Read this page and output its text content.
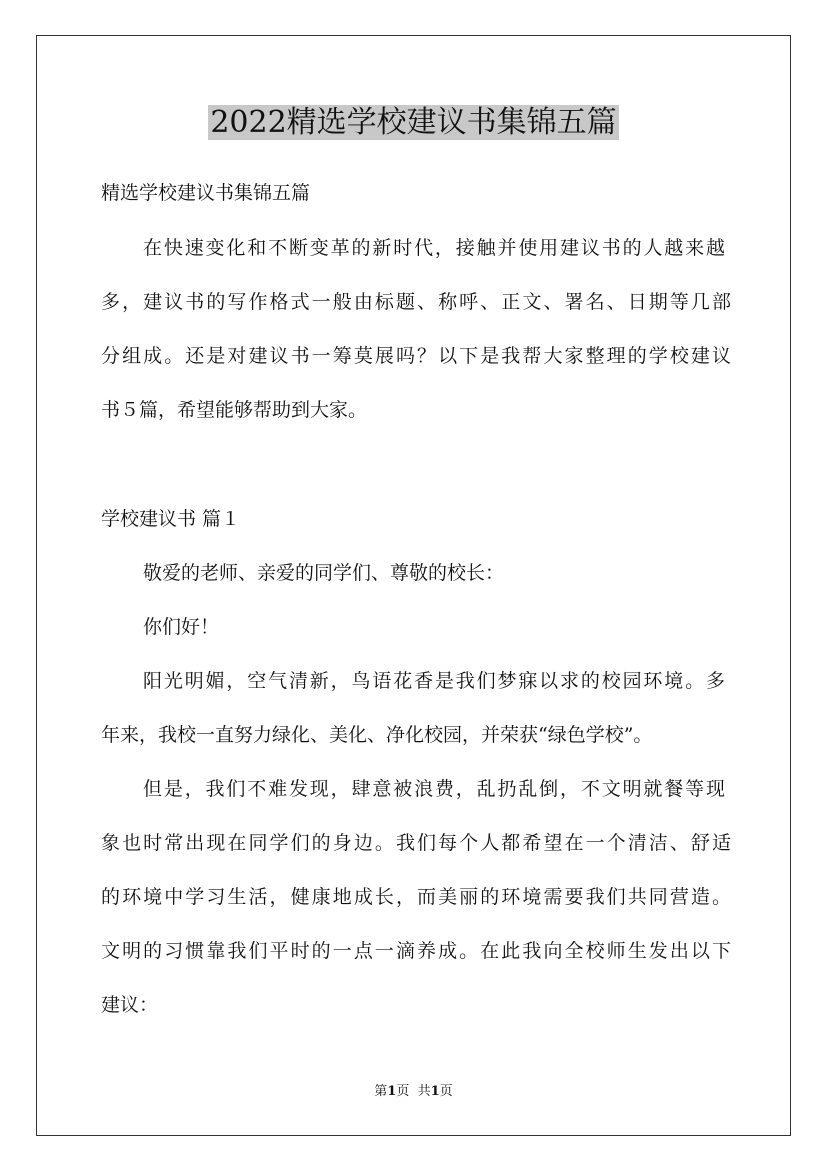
2022精选学校建议书集锦五篇
精选学校建议书集锦五篇
在快速变化和不断变革的新时代，接触并使用建议书的人越来越
多，建议书的写作格式一般由标题、称呼、正文、署名、日期等几部
分组成。还是对建议书一筹莫展吗？以下是我帮大家整理的学校建议
书５篇，希望能够帮助到大家。
学校建议书 篇１
敬爱的老师、亲爱的同学们、尊敬的校长：
你们好！
阳光明媚，空气清新，鸟语花香是我们梦寐以求的校园环境。多
年来，我校一直努力绿化、美化、净化校园，并荣获“绿色学校”。
但是，我们不难发现，肆意被浪费，乱扔乱倒，不文明就餐等现
象也时常出现在同学们的身边。我们每个人都希望在一个清洁、舒适
的环境中学习生活，健康地成长，而美丽的环境需要我们共同营造。
文明的习惯靠我们平时的一点一滴养成。在此我向全校师生发出以下
建议：
第1页 共1页
